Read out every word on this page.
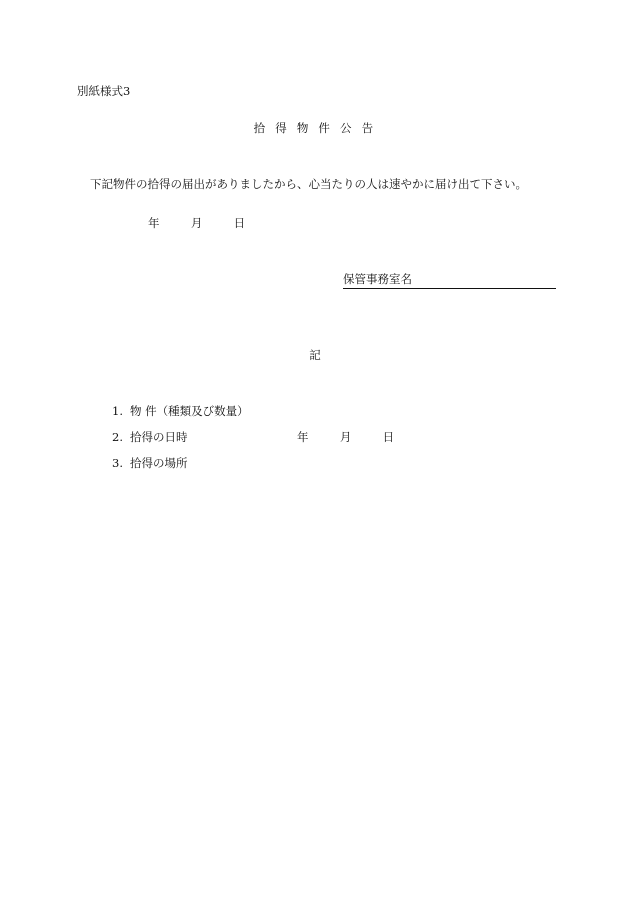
別紙様式3
拾 得 物 件 公 告
下記物件の拾得の届出がありましたから、心当たりの人は速やかに届け出て下さい。
年	月	日
保管事務室名
記
1. 物 件（種類及び数量）
2. 拾得の日時	年	月	日
3. 拾得の場所
